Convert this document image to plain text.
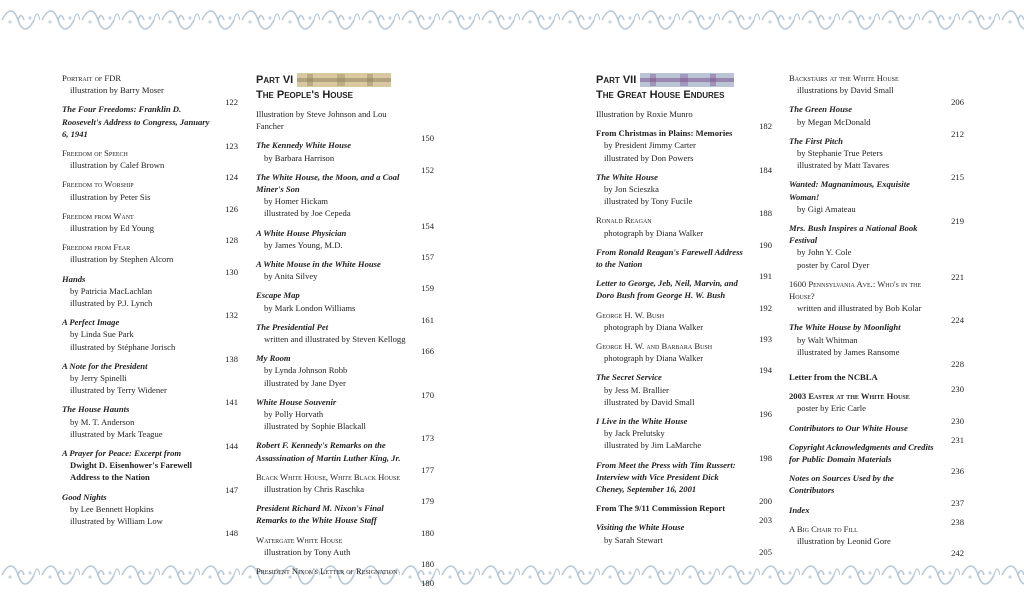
Portrait of FDR
illustration by Barry Moser
122
The Four Freedoms: Franklin D. Roosevelt's Address to Congress, January 6, 1941
123
Freedom of Speech
illustration by Calef Brown
124
Freedom to Worship
illustration by Peter Sis
126
Freedom from Want
illustration by Ed Young
128
Freedom from Fear
illustration by Stephen Alcorn
130
Hands
by Patricia MacLachlan
illustrated by P.J. Lynch
132
A Perfect Image
by Linda Sue Park
illustrated by Stéphane Jorisch
138
A Note for the President
by Jerry Spinelli
illustrated by Terry Widener
141
The House Haunts
by M. T. Anderson
illustrated by Mark Teague
144
A Prayer for Peace: Excerpt from
Dwight D. Eisenhower's Farewell
Address to the Nation
147
Good Nights
by Lee Bennett Hopkins
illustrated by William Low
148
Part VI
The People's House
Illustration by Steve Johnson and Lou Fancher
150
The Kennedy White House
by Barbara Harrison
152
The White House, the Moon, and a Coal Miner's Son
by Homer Hickam
illustrated by Joe Cepeda
154
A White House Physician
by James Young, M.D.
157
A White Mouse in the White House
by Anita Silvey
159
Escape Map
by Mark London Williams
161
The Presidential Pet
written and illustrated by Steven Kellogg
166
My Room
by Lynda Johnson Robb
illustrated by Jane Dyer
170
White House Souvenir
by Polly Horvath
illustrated by Sophie Blackall
173
Robert F. Kennedy's Remarks on the Assassination of Martin Luther King, Jr.
177
Black White House, White Black House
illustration by Chris Raschka
179
President Richard M. Nixon's Final Remarks to the White House Staff
180
Watergate White House
illustration by Tony Auth
180
President Nixon's Letter of Resignation
180
Part VII
The Great House Endures
Illustration by Roxie Munro
182
From Christmas in Plains: Memories
by President Jimmy Carter
illustrated by Don Powers
184
The White House
by Jon Scieszka
illustrated by Tony Fucile
188
Ronald Reagan
photograph by Diana Walker
190
From Ronald Reagan's Farewell Address to the Nation
191
Letter to George, Jeb, Neil, Marvin, and Doro Bush from George H. W. Bush
192
George H. W. Bush
photograph by Diana Walker
193
George H. W. and Barbara Bush
photograph by Diana Walker
194
The Secret Service
by Jess M. Brallier
illustrated by David Small
196
I Live in the White House
by Jack Prelutsky
illustrated by Jim LaMarche
198
From Meet the Press with Tim Russert: Interview with Vice President Dick Cheney, September 16, 2001
200
From The 9/11 Commission Report
203
Visiting the White House
by Sarah Stewart
205
Backstairs at the White House
illustrations by David Small
206
The Green House
by Megan McDonald
212
The First Pitch
by Stephanie True Peters
illustrated by Matt Tavares
215
Wanted: Magnanimous, Exquisite Woman!
by Gigi Amateau
219
Mrs. Bush Inspires a National Book Festival
by John Y. Cole
poster by Carol Dyer
221
1600 Pennsylvania Ave.: Who's in the House?
written and illustrated by Bob Kolar
224
The White House by Moonlight
by Walt Whitman
illustrated by James Ransome
228
Letter from the NCBLA
230
2003 Easter at the White House
poster by Eric Carle
230
Contributors to Our White House
231
Copyright Acknowledgments and Credits for Public Domain Materials
236
Notes on Sources Used by the Contributors
237
Index
238
A Big Chair to Fill
illustration by Leonid Gore
242
